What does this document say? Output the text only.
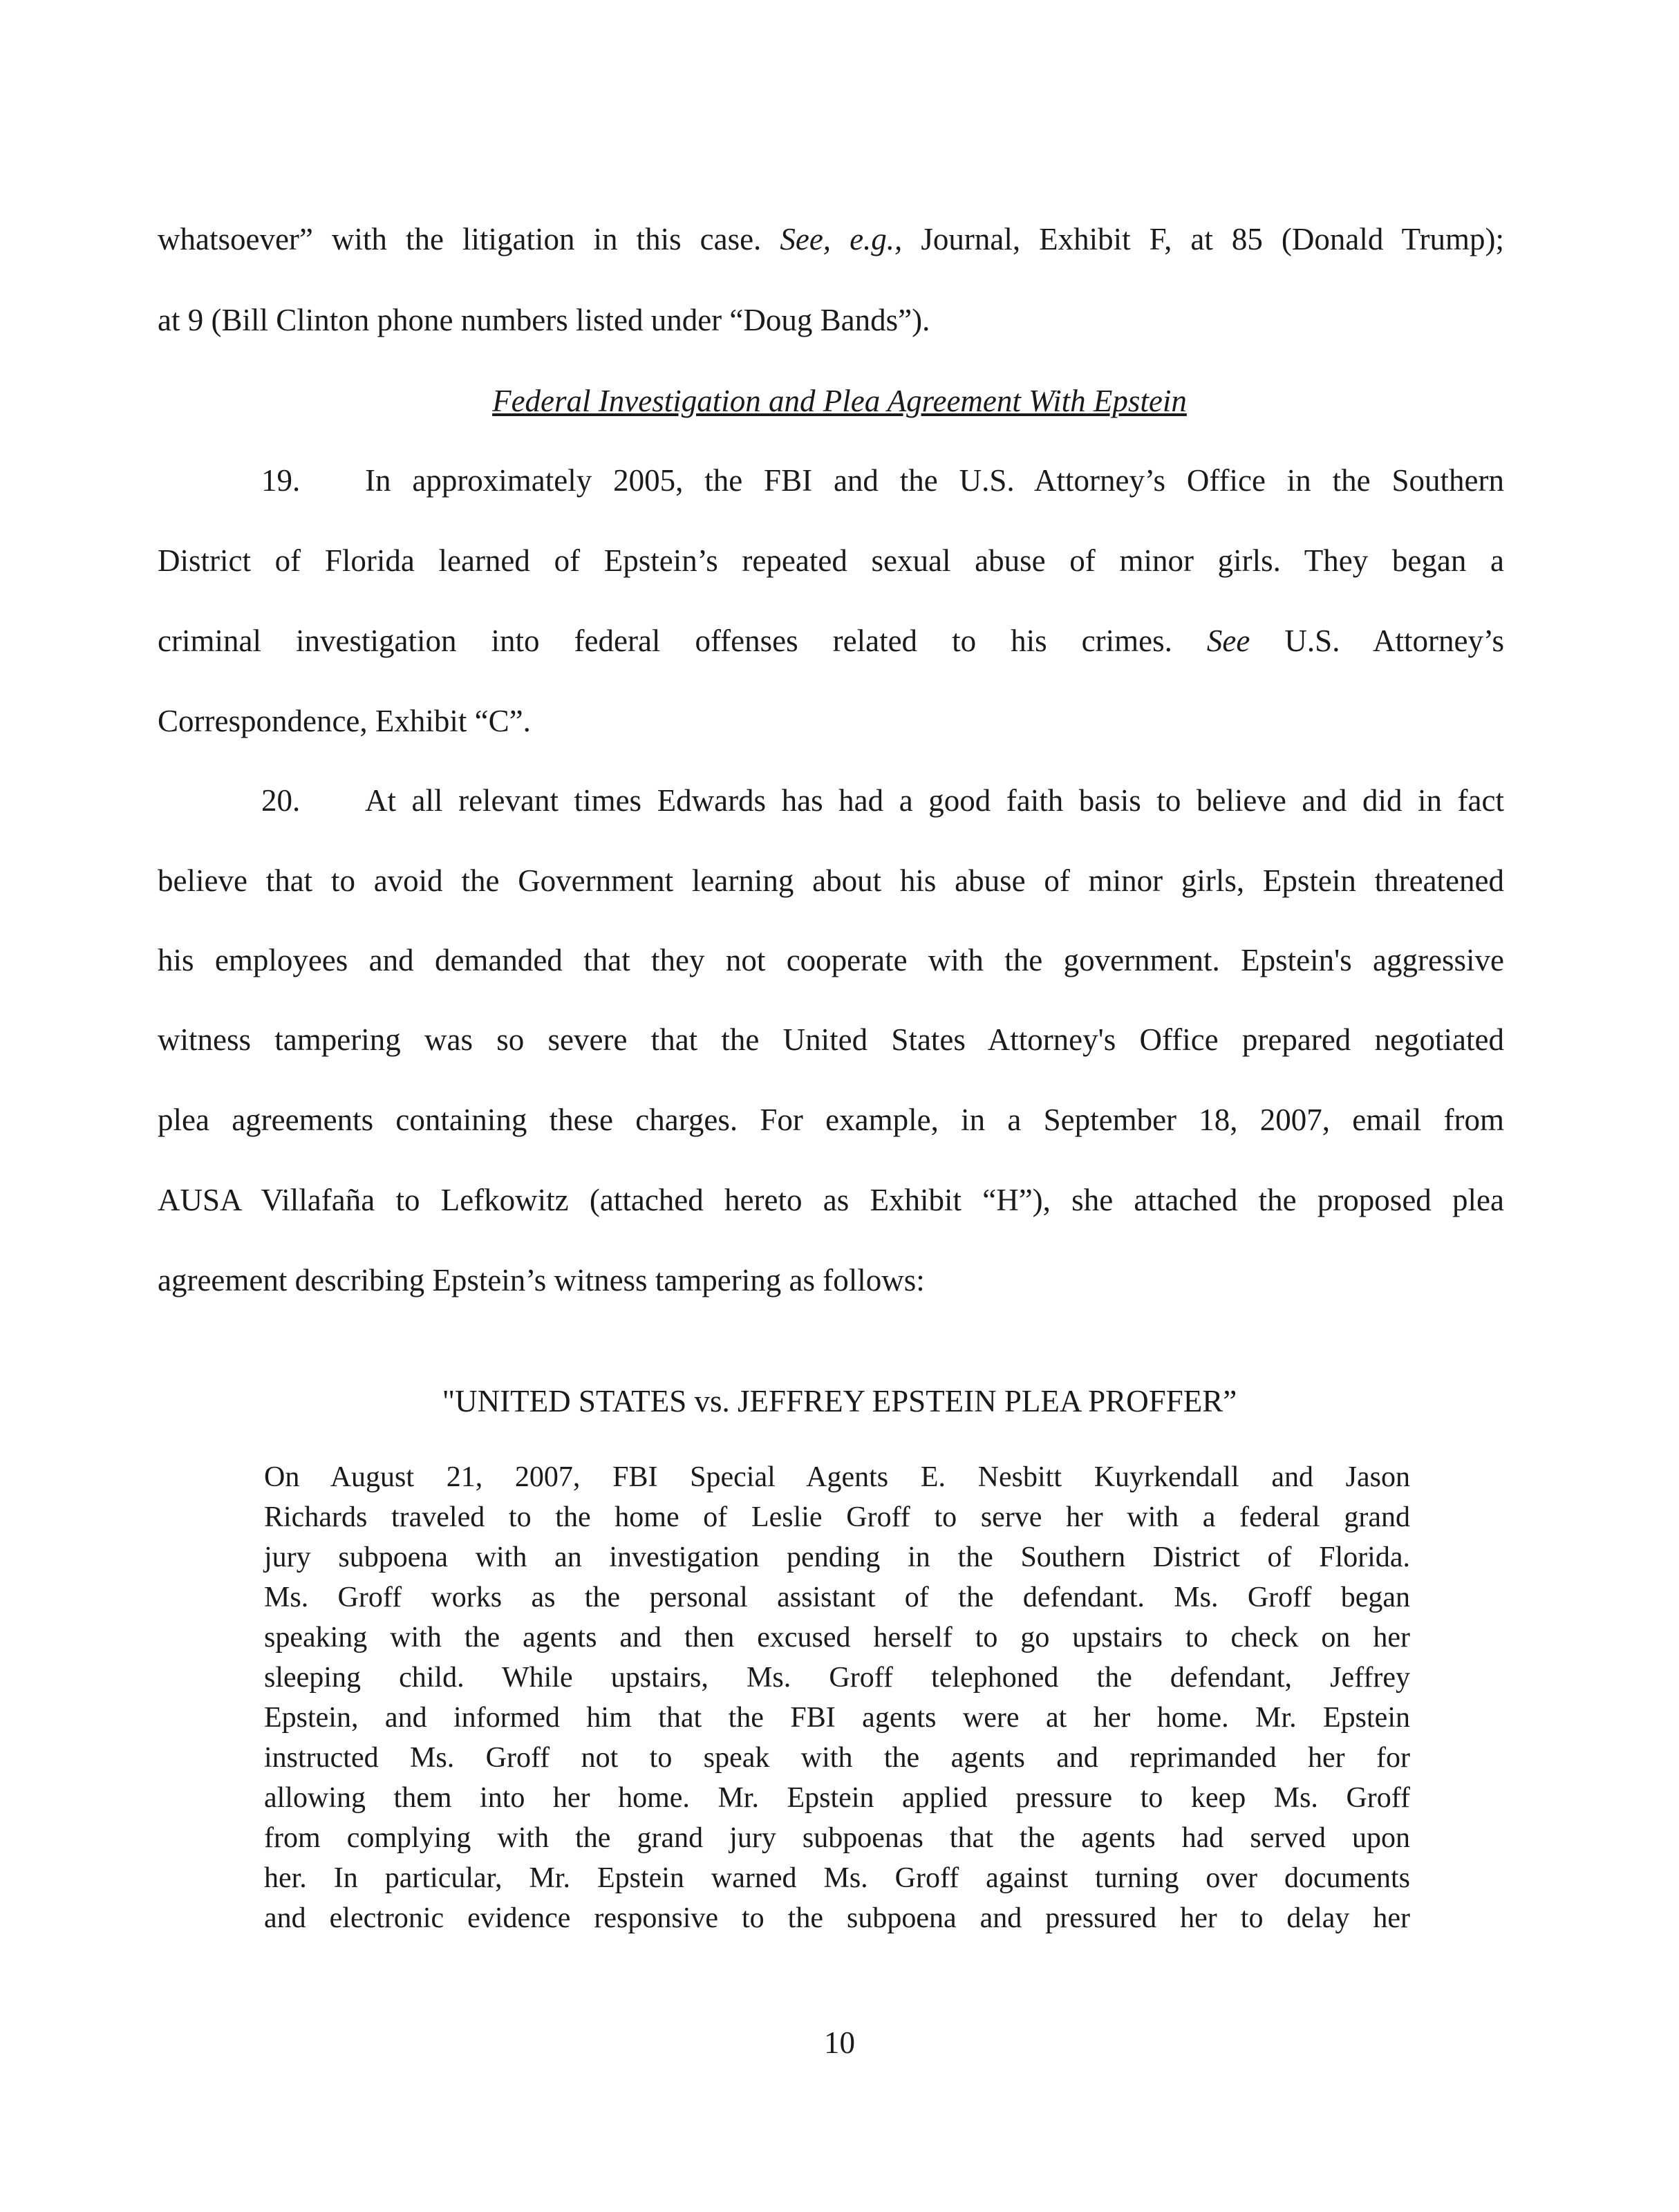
whatsoever” with the litigation in this case. See, e.g., Journal, Exhibit F, at 85 (Donald Trump);
at 9 (Bill Clinton phone numbers listed under “Doug Bands”).
Federal Investigation and Plea Agreement With Epstein
19. In approximately 2005, the FBI and the U.S. Attorney’s Office in the Southern
District of Florida learned of Epstein’s repeated sexual abuse of minor girls. They began a
criminal investigation into federal offenses related to his crimes. See U.S. Attorney’s
Correspondence, Exhibit “C”.
20. At all relevant times Edwards has had a good faith basis to believe and did in fact
believe that to avoid the Government learning about his abuse of minor girls, Epstein threatened
his employees and demanded that they not cooperate with the government. Epstein's aggressive
witness tampering was so severe that the United States Attorney's Office prepared negotiated
plea agreements containing these charges. For example, in a September 18, 2007, email from
AUSA Villafaña to Lefkowitz (attached hereto as Exhibit “H”), she attached the proposed plea
agreement describing Epstein’s witness tampering as follows:
"UNITED STATES vs. JEFFREY EPSTEIN PLEA PROFFER”
On August 21, 2007, FBI Special Agents E. Nesbitt Kuyrkendall and Jason
Richards traveled to the home of Leslie Groff to serve her with a federal grand
jury subpoena with an investigation pending in the Southern District of Florida.
Ms. Groff works as the personal assistant of the defendant. Ms. Groff began
speaking with the agents and then excused herself to go upstairs to check on her
sleeping child. While upstairs, Ms. Groff telephoned the defendant, Jeffrey
Epstein, and informed him that the FBI agents were at her home. Mr. Epstein
instructed Ms. Groff not to speak with the agents and reprimanded her for
allowing them into her home. Mr. Epstein applied pressure to keep Ms. Groff
from complying with the grand jury subpoenas that the agents had served upon
her. In particular, Mr. Epstein warned Ms. Groff against turning over documents
and electronic evidence responsive to the subpoena and pressured her to delay her
10
